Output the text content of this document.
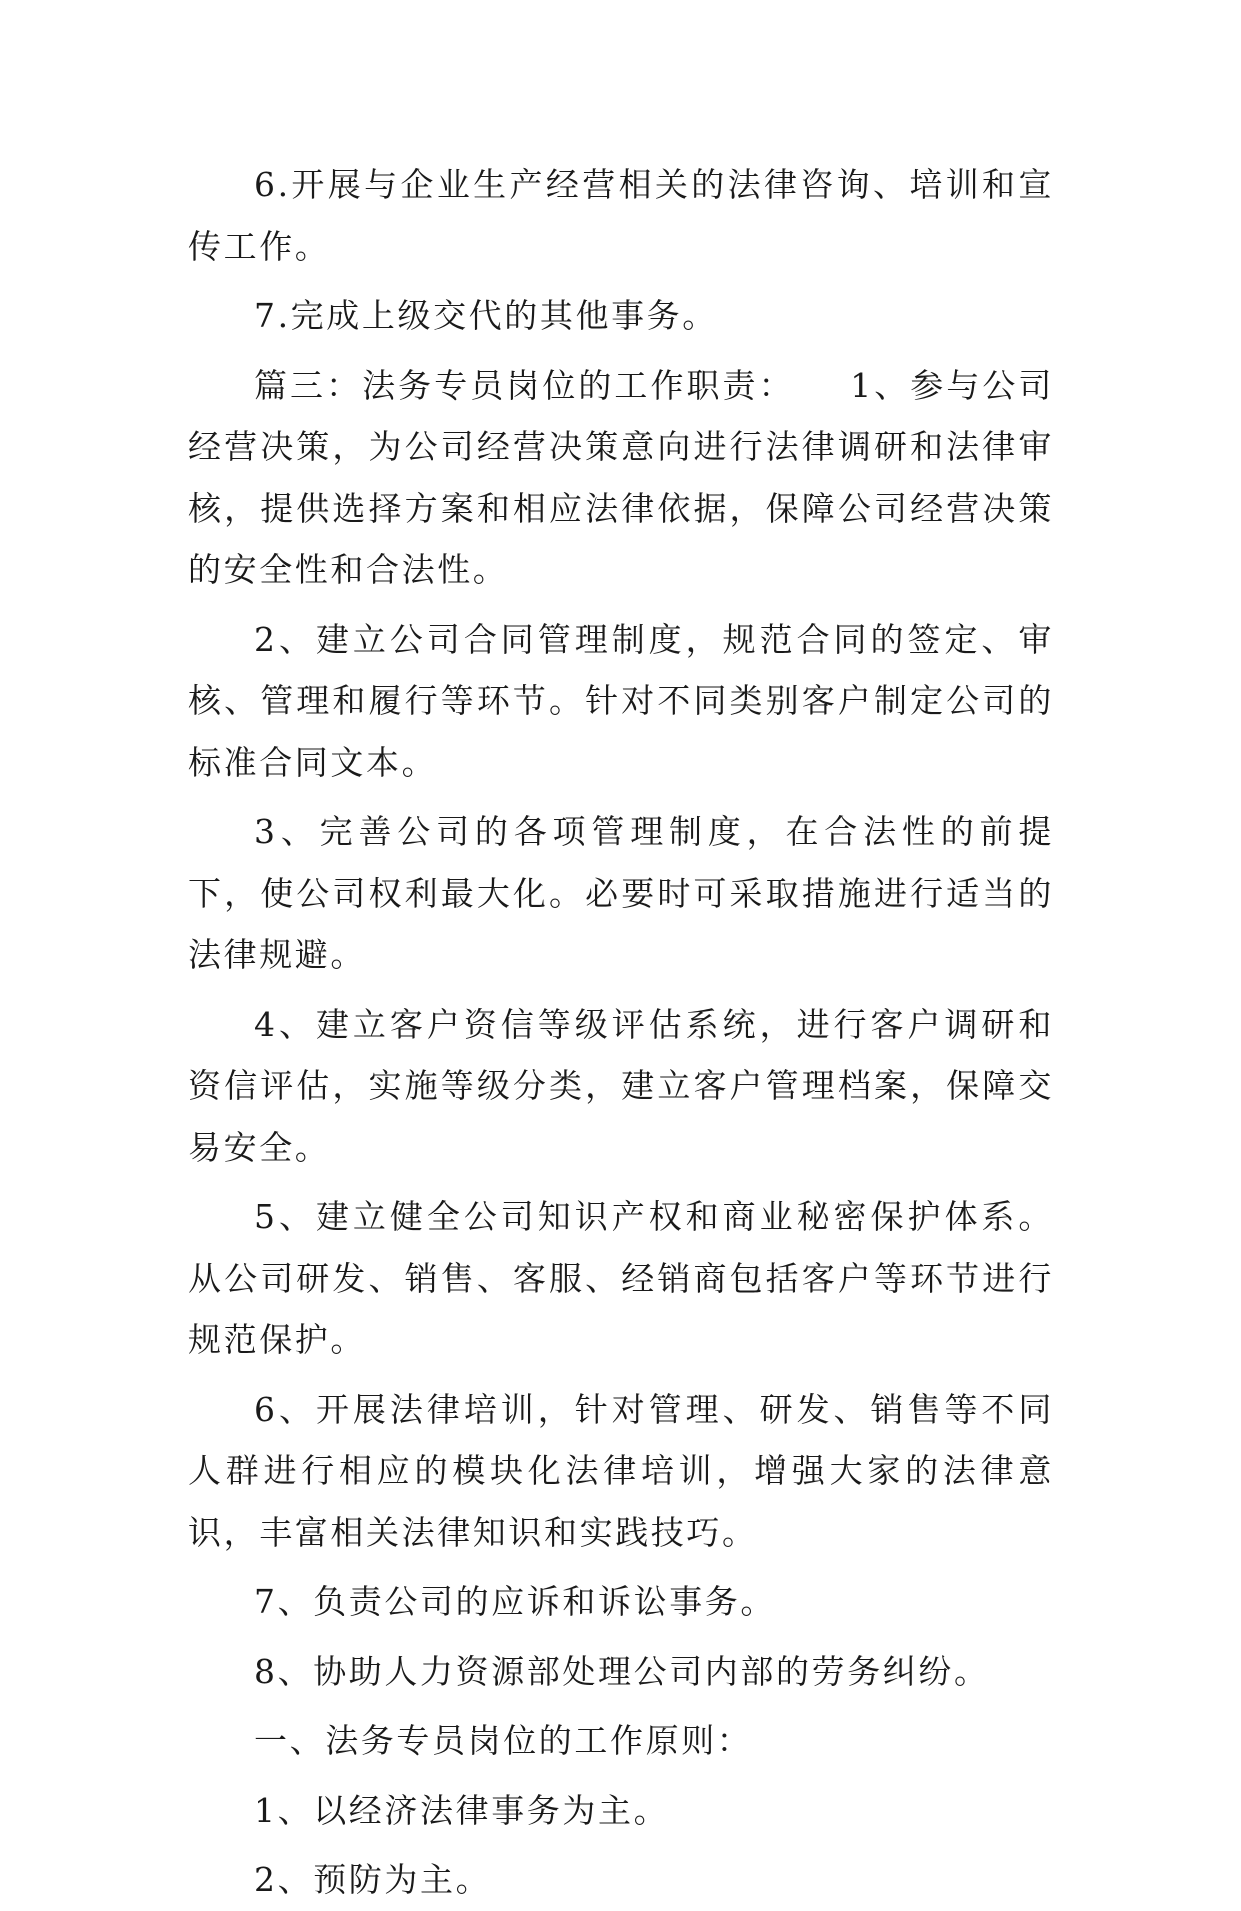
6.开展与企业生产经营相关的法律咨询、培训和宣传工作。

7.完成上级交代的其他事务。

篇三：法务专员岗位的工作职责：　　1、参与公司经营决策，为公司经营决策意向进行法律调研和法律审核，提供选择方案和相应法律依据，保障公司经营决策的安全性和合法性。

2、建立公司合同管理制度，规范合同的签定、审核、管理和履行等环节。针对不同类别客户制定公司的标准合同文本。

3、完善公司的各项管理制度，在合法性的前提下，使公司权利最大化。必要时可采取措施进行适当的法律规避。

4、建立客户资信等级评估系统，进行客户调研和资信评估，实施等级分类，建立客户管理档案，保障交易安全。

5、建立健全公司知识产权和商业秘密保护体系。从公司研发、销售、客服、经销商包括客户等环节进行规范保护。

6、开展法律培训，针对管理、研发、销售等不同人群进行相应的模块化法律培训，增强大家的法律意识，丰富相关法律知识和实践技巧。

7、负责公司的应诉和诉讼事务。

8、协助人力资源部处理公司内部的劳务纠纷。

一、法务专员岗位的工作原则：

1、以经济法律事务为主。

2、预防为主。
